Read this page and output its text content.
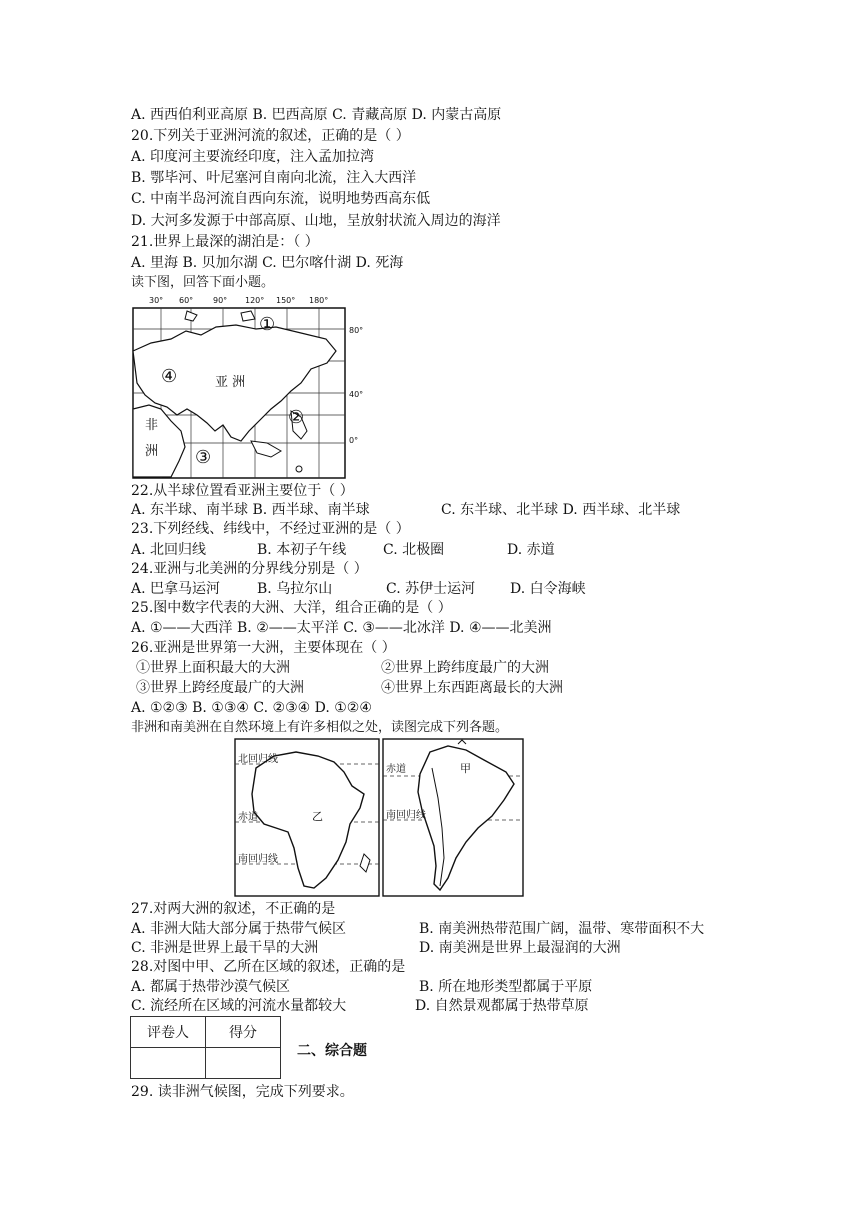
A. 西西伯利亚高原 B. 巴西高原 C. 青藏高原 D. 内蒙古高原
20.下列关于亚洲河流的叙述，正确的是（ ）
A. 印度河主要流经印度，注入孟加拉湾
B. 鄂毕河、叶尼塞河自南向北流，注入大西洋
C. 中南半岛河流自西向东流，说明地势西高东低
D. 大河多发源于中部高原、山地，呈放射状流入周边的海洋
21.世界上最深的湖泊是：（ ）
A. 里海 B. 贝加尔湖 C. 巴尔喀什湖 D. 死海
读下图，回答下面小题。
30° 60° 90° 120° 150° 180°
80°
40°
0°
①
②
③
④	亚 洲
非
洲
22.从半球位置看亚洲主要位于（ ）
A. 东半球、南半球 B. 西半球、南半球	C. 东半球、北半球 D. 西半球、北半球
23.下列经线、纬线中，不经过亚洲的是（ ）
A. 北回归线	B. 本初子午线	C. 北极圈	D. 赤道
24.亚洲与北美洲的分界线分别是（ ）
A. 巴拿马运河	B. 乌拉尔山	C. 苏伊士运河 D. 白令海峡
25.图中数字代表的大洲、大洋，组合正确的是（ ）
A. ①——大西洋 B. ②——太平洋 C. ③——北冰洋 D. ④——北美洲
26.亚洲是世界第一大洲，主要体现在（ ）
①世界上面积最大的大洲	②世界上跨纬度最广的大洲
③世界上跨经度最广的大洲	④世界上东西距离最长的大洲
A. ①②③ B. ①③④ C. ②③④ D. ①②④
非洲和南美洲在自然环境上有许多相似之处，读图完成下列各题。
北回归线
赤道
南回归线
乙
赤道
南回归线
甲
27.对两大洲的叙述，不正确的是
A. 非洲大陆大部分属于热带气候区	B. 南美洲热带范围广阔，温带、寒带面积不大
C. 非洲是世界上最干旱的大洲	D. 南美洲是世界上最湿润的大洲
28.对图中甲、乙所在区域的叙述，正确的是
A. 都属于热带沙漠气候区	B. 所在地形类型都属于平原
C. 流经所在区域的河流水量都较大	D. 自然景观都属于热带草原
评卷人	得分

二、综合题
29. 读非洲气候图，完成下列要求。
